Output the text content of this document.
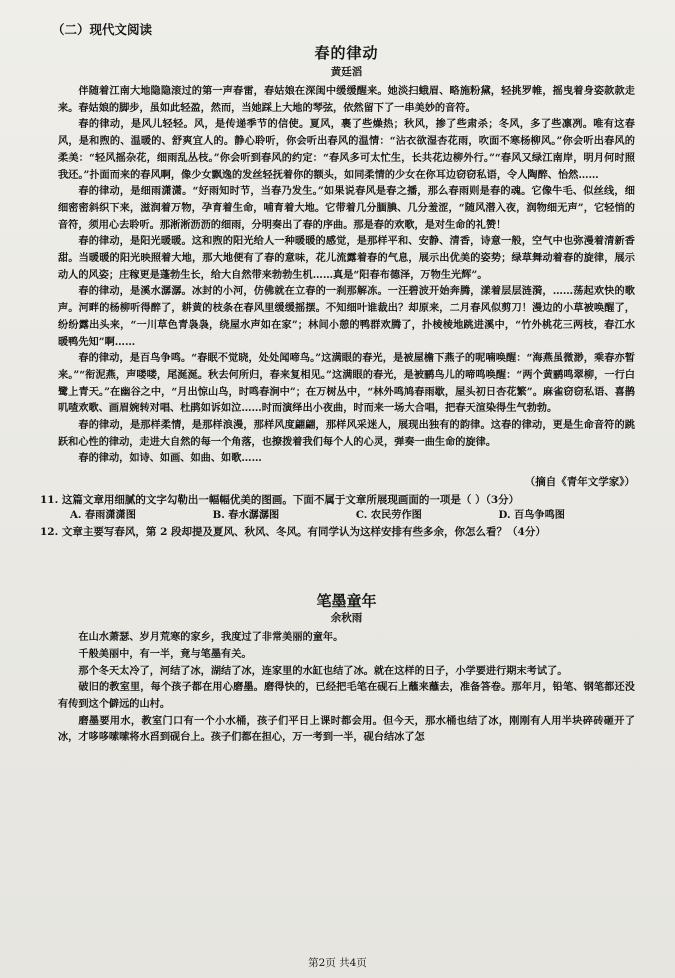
（二）现代文阅读
春的律动
黄廷滔

伴随着江南大地隐隐滚过的第一声春雷，春姑娘在深闺中缓缓醒来。她淡扫蛾眉、略施粉黛，轻挑罗帷，摇曳着身姿款款走来。春姑娘的脚步，虽如此轻盈，然而，当她踩上大地的琴弦，依然留下了一串美妙的音符。

春的律动，是风儿轻轻。风，是传递季节的信使。夏风，裹了些燥热；秋风，掺了些肃杀；冬风，多了些凛冽。唯有这春风，是和煦的、温暖的、舒爽宜人的。静心聆听，你会听出春风的温情：“沾衣欲湿杏花雨，吹面不寒杨柳风。”你会听出春风的柔美：“轻风摇杂花，细雨乱丛枝。”你会听到春风的约定：“春风多可太忙生，长共花边柳外行。”“春风又绿江南岸，明月何时照我还。”扑面而来的春风啊，像少女飘逸的发丝轻抚着你的额头，如同柔情的少女在你耳边窃窃私语，令人陶醉、怡然……

春的律动，是细雨潇潇。“好雨知时节，当春乃发生。”如果说春风是春之播，那么春雨则是春的魂。它像牛毛、似丝线，细细密密斜织下来，滋润着万物，孕育着生命，哺育着大地。它带着几分腼腆、几分羞涩，“随风潜入夜，润物细无声”，它轻悄的音符，须用心去聆听。那淅淅沥沥的细雨，分明奏出了春的序曲。那是春的欢歌，是对生命的礼赞！

春的律动，是阳光暖暖。这和煦的阳光给人一种暖暖的感觉，是那样平和、安静、清香，诗意一般，空气中也弥漫着清新香甜。当暖暖的阳光映照着大地，那大地便有了春的意味，花儿流露着春的气息，展示出优美的姿势；绿草舞动着春的旋律，展示动人的风姿；庄稼更是蓬勃生长，给大自然带来勃勃生机……真是“阳春布德泽，万物生光辉”。

春的律动，是溪水潺潺。冰封的小河，仿佛就在立春的一刹那解冻。一汪碧波开始奔腾，漾着层层涟漪，……荡起欢快的歌声。河畔的杨柳听得醉了，耕黄的枝条在春风里缓缓摇摆。不知细叶谁裁出？却原来，二月春风似剪刀！漫边的小草被唤醒了，纷纷露出头来，“一川草色青袅袅，绕屋水声如在家”；林间小憩的鸭群欢腾了，扑棱棱地跳进溪中，“竹外桃花三两枝，春江水暖鸭先知”啊……

春的律动，是百鸟争鸣。“春眠不觉晓，处处闻啼鸟。”这满眼的春光，是被屋檐下燕子的呢喃唤醒：“海燕虽微渺，乘春亦暂来。”“衔泥燕，声喽喽，尾涎涎。秋去何所归，春来复相见。”这满眼的春光，是被鹂鸟儿的啼鸣唤醒：“两个黄鹂鸣翠柳，一行白鹭上青天。”在幽谷之中，“月出惊山鸟，时鸣春涧中”；在万树丛中，“林外鸣鸠春雨歇，屋头初日杏花繁”。麻雀窃窃私语、喜鹊叽喳欢歌、画眉婉转对唱、杜鹃如诉如泣……时而演绎出小夜曲，时而来一场大合唱，把春天渲染得生气勃勃。

春的律动，是那样柔情，是那样浪漫，那样风度翩翩，那样风采迷人，展现出独有的韵律。这春的律动，更是生命音符的跳跃和心性的律动，走进大自然的每一个角落，也撩拨着我们每个人的心灵，弹奏一曲生命的旋律。

春的律动，如诗、如画、如曲、如歌……

（摘自《青年文学家》）
11. 这篇文章用细腻的文字勾勒出一幅幅优美的图画。下面不属于文章所展现画面的一项是（ ）（3分）
A. 春雨潇潇图	B. 春水潺潺图	C. 农民劳作图	D. 百鸟争鸣图
12. 文章主要写春风，第 2 段却提及夏风、秋风、冬风。有同学认为这样安排有些多余，你怎么看？（4分）
笔墨童年
余秋雨

在山水萧瑟、岁月荒寒的家乡，我度过了非常美丽的童年。

千般美丽中，有一半，竟与笔墨有关。

那个冬天太冷了，河结了冰，湖结了冰，连家里的水缸也结了冰。就在这样的日子，小学要进行期末考试了。

破旧的教室里，每个孩子都在用心磨墨。磨得快的，已经把毛笔在砚石上蘸来蘸去，准备答卷。那年月，铅笔、钢笔都还没有传到这个僻远的山村。

磨墨要用水，教室门口有一个小水桶，孩子们平日上课时都会用。但今天，那水桶也结了冰，刚刚有人用半块碎砖砸开了冰，才哆哆嗦嗦将水舀到砚台上。孩子们都在担心，万一考到一半，砚台结冰了怎

第2页 共4页
